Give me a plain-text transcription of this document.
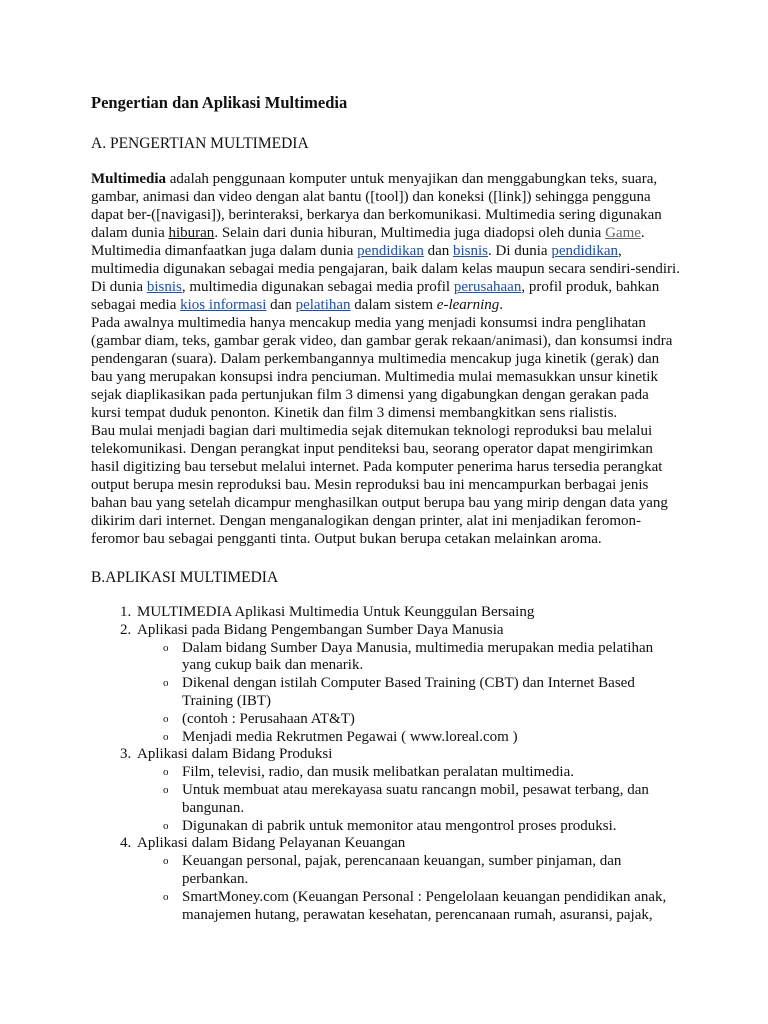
Pengertian dan Aplikasi Multimedia
A. PENGERTIAN MULTIMEDIA

Multimedia adalah penggunaan komputer untuk menyajikan dan menggabungkan teks, suara, gambar, animasi dan video dengan alat bantu ([tool]) dan koneksi ([link]) sehingga pengguna dapat ber-([navigasi]), berinteraksi, berkarya dan berkomunikasi. Multimedia sering digunakan dalam dunia hiburan. Selain dari dunia hiburan, Multimedia juga diadopsi oleh dunia Game. Multimedia dimanfaatkan juga dalam dunia pendidikan dan bisnis. Di dunia pendidikan, multimedia digunakan sebagai media pengajaran, baik dalam kelas maupun secara sendiri-sendiri. Di dunia bisnis, multimedia digunakan sebagai media profil perusahaan, profil produk, bahkan sebagai media kios informasi dan pelatihan dalam sistem e-learning.

Pada awalnya multimedia hanya mencakup media yang menjadi konsumsi indra penglihatan (gambar diam, teks, gambar gerak video, dan gambar gerak rekaan/animasi), dan konsumsi indra pendengaran (suara). Dalam perkembangannya multimedia mencakup juga kinetik (gerak) dan bau yang merupakan konsupsi indra penciuman. Multimedia mulai memasukkan unsur kinetik sejak diaplikasikan pada pertunjukan film 3 dimensi yang digabungkan dengan gerakan pada kursi tempat duduk penonton. Kinetik dan film 3 dimensi membangkitkan sens rialistis.

Bau mulai menjadi bagian dari multimedia sejak ditemukan teknologi reproduksi bau melalui telekomunikasi. Dengan perangkat input penditeksi bau, seorang operator dapat mengirimkan hasil digitizing bau tersebut melalui internet. Pada komputer penerima harus tersedia perangkat output berupa mesin reproduksi bau. Mesin reproduksi bau ini mencampurkan berbagai jenis bahan bau yang setelah dicampur menghasilkan output berupa bau yang mirip dengan data yang dikirim dari internet. Dengan menganalogikan dengan printer, alat ini menjadikan feromon-feromor bau sebagai pengganti tinta. Output bukan berupa cetakan melainkan aroma.

B.APLIKASI MULTIMEDIA
1. MULTIMEDIA Aplikasi Multimedia Untuk Keunggulan Bersaing
2. Aplikasi pada Bidang Pengembangan Sumber Daya Manusia
o Dalam bidang Sumber Daya Manusia, multimedia merupakan media pelatihan yang cukup baik dan menarik.
o Dikenal dengan istilah Computer Based Training (CBT) dan Internet Based Training (IBT)
o (contoh : Perusahaan AT&T)
o Menjadi media Rekrutmen Pegawai ( www.loreal.com )
3. Aplikasi dalam Bidang Produksi
o Film, televisi, radio, dan musik melibatkan peralatan multimedia.
o Untuk membuat atau merekayasa suatu rancangn mobil, pesawat terbang, dan bangunan.
o Digunakan di pabrik untuk memonitor atau mengontrol proses produksi.
4. Aplikasi dalam Bidang Pelayanan Keuangan
o Keuangan personal, pajak, perencanaan keuangan, sumber pinjaman, dan perbankan.
o SmartMoney.com (Keuangan Personal : Pengelolaan keuangan pendidikan anak, manajemen hutang, perawatan kesehatan, perencanaan rumah, asuransi, pajak,
